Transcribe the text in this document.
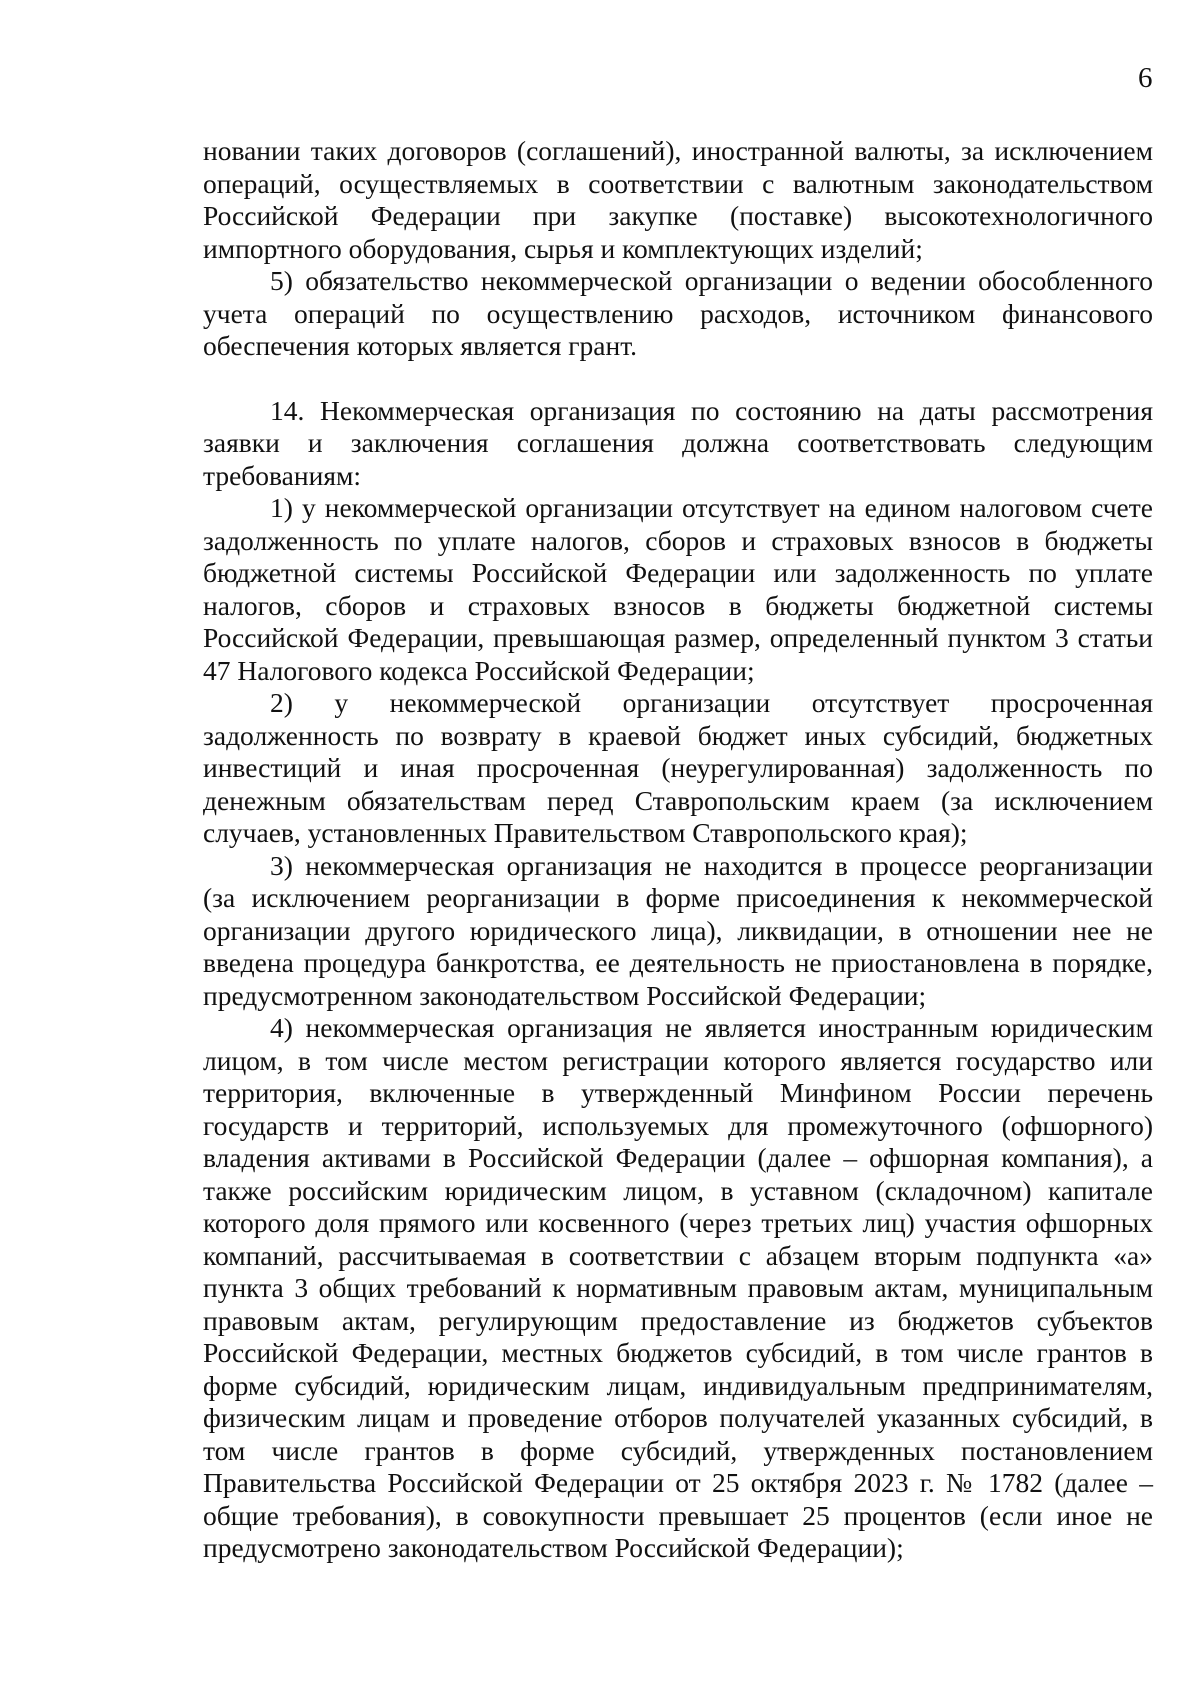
6

новании таких договоров (соглашений), иностранной валюты, за исключением операций, осуществляемых в соответствии с валютным законодательством Российской Федерации при закупке (поставке) высокотехнологичного импортного оборудования, сырья и комплектующих изделий;

5) обязательство некоммерческой организации о ведении обособленного учета операций по осуществлению расходов, источником финансового обеспечения которых является грант.

14. Некоммерческая организация по состоянию на даты рассмотрения заявки и заключения соглашения должна соответствовать следующим требованиям:

1) у некоммерческой организации отсутствует на едином налоговом счете задолженность по уплате налогов, сборов и страховых взносов в бюджеты бюджетной системы Российской Федерации или задолженность по уплате налогов, сборов и страховых взносов в бюджеты бюджетной системы Российской Федерации, превышающая размер, определенный пунктом 3 статьи 47 Налогового кодекса Российской Федерации;

2) у некоммерческой организации отсутствует просроченная задолженность по возврату в краевой бюджет иных субсидий, бюджетных инвестиций и иная просроченная (неурегулированная) задолженность по денежным обязательствам перед Ставропольским краем (за исключением случаев, установленных Правительством Ставропольского края);

3) некоммерческая организация не находится в процессе реорганизации (за исключением реорганизации в форме присоединения к некоммерческой организации другого юридического лица), ликвидации, в отношении нее не введена процедура банкротства, ее деятельность не приостановлена в порядке, предусмотренном законодательством Российской Федерации;

4) некоммерческая организация не является иностранным юридическим лицом, в том числе местом регистрации которого является государство или территория, включенные в утвержденный Минфином России перечень государств и территорий, используемых для промежуточного (офшорного) владения активами в Российской Федерации (далее – офшорная компания), а также российским юридическим лицом, в уставном (складочном) капитале которого доля прямого или косвенного (через третьих лиц) участия офшорных компаний, рассчитываемая в соответствии с абзацем вторым подпункта «а» пункта 3 общих требований к нормативным правовым актам, муниципальным правовым актам, регулирующим предоставление из бюджетов субъектов Российской Федерации, местных бюджетов субсидий, в том числе грантов в форме субсидий, юридическим лицам, индивидуальным предпринимателям, физическим лицам и проведение отборов получателей указанных субсидий, в том числе грантов в форме субсидий, утвержденных постановлением Правительства Российской Федерации от 25 октября 2023 г. № 1782 (далее – общие требования), в совокупности превышает 25 процентов (если иное не предусмотрено законодательством Российской Федерации);
